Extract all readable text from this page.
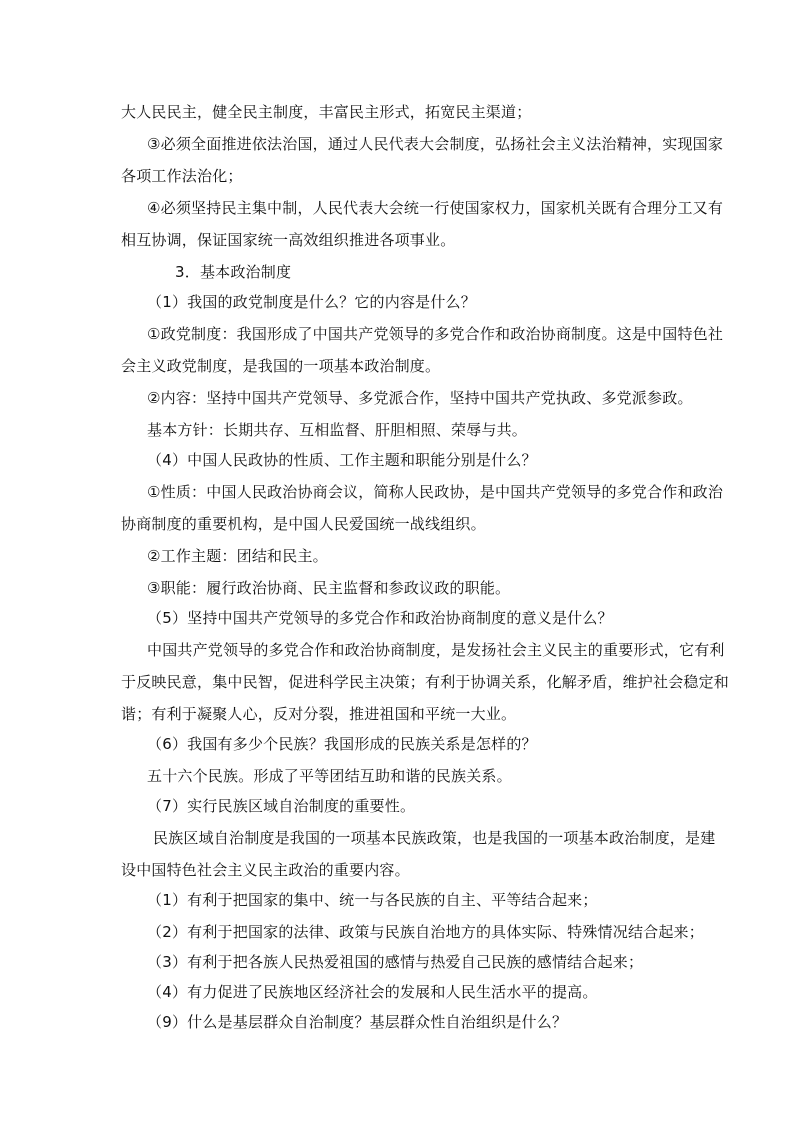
大人民民主，健全民主制度，丰富民主形式，拓宽民主渠道；
③必须全面推进依法治国，通过人民代表大会制度，弘扬社会主义法治精神，实现国家
各项工作法治化；
④必须坚持民主集中制，人民代表大会统一行使国家权力，国家机关既有合理分工又有
相互协调，保证国家统一高效组织推进各项事业。
3．基本政治制度
（1）我国的政党制度是什么？它的内容是什么？
①政党制度：我国形成了中国共产党领导的多党合作和政治协商制度。这是中国特色社
会主义政党制度，是我国的一项基本政治制度。
②内容：坚持中国共产党领导、多党派合作，坚持中国共产党执政、多党派参政。
基本方针：长期共存、互相监督、肝胆相照、荣辱与共。
（4）中国人民政协的性质、工作主题和职能分别是什么？
①性质：中国人民政治协商会议，简称人民政协，是中国共产党领导的多党合作和政治
协商制度的重要机构，是中国人民爱国统一战线组织。
②工作主题：团结和民主。
③职能：履行政治协商、民主监督和参政议政的职能。
（5）坚持中国共产党领导的多党合作和政治协商制度的意义是什么？
中国共产党领导的多党合作和政治协商制度，是发扬社会主义民主的重要形式，它有利
于反映民意，集中民智，促进科学民主决策；有利于协调关系，化解矛盾，维护社会稳定和
谐；有利于凝聚人心，反对分裂，推进祖国和平统一大业。
（6）我国有多少个民族？我国形成的民族关系是怎样的？
五十六个民族。形成了平等团结互助和谐的民族关系。
（7）实行民族区域自治制度的重要性。
民族区域自治制度是我国的一项基本民族政策，也是我国的一项基本政治制度，是建
设中国特色社会主义民主政治的重要内容。
（1）有利于把国家的集中、统一与各民族的自主、平等结合起来；
（2）有利于把国家的法律、政策与民族自治地方的具体实际、特殊情况结合起来；
（3）有利于把各族人民热爱祖国的感情与热爱自己民族的感情结合起来；
（4）有力促进了民族地区经济社会的发展和人民生活水平的提高。
（9）什么是基层群众自治制度？基层群众性自治组织是什么？
